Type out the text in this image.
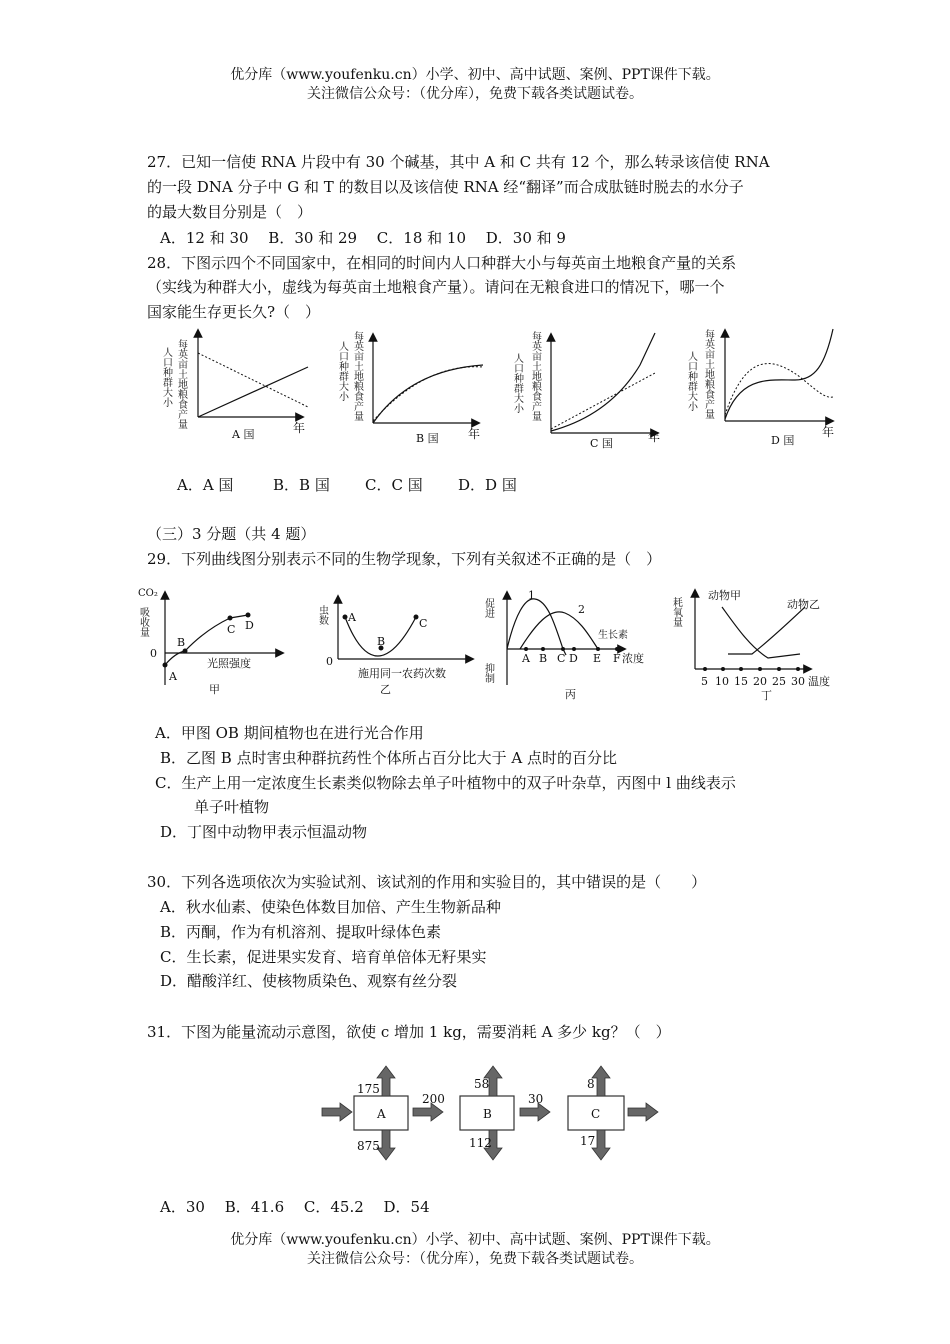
优分库（www.youfenku.cn）小学、初中、高中试题、案例、PPT课件下载。
关注微信公众号：（优分库），免费下载各类试题试卷。
27．已知一信使 RNA 片段中有 30 个碱基，其中 A 和 C 共有 12 个，那么转录该信使 RNA
的一段 DNA 分子中 G 和 T 的数目以及该信使 RNA 经“翻译”而合成肽链时脱去的水分子
的最大数目分别是（　）
A．12 和 30　 B．30 和 29　 C．18 和 10　 D．30 和 9
28．下图示四个不同国家中，在相同的时间内人口种群大小与每英亩土地粮食产量的关系
（实线为种群大小，虚线为每英亩土地粮食产量）。请问在无粮食进口的情况下，哪一个
国家能生存更长久?（　）
每英亩土地粮食产量
人口种群大小
年
A 国
每英亩土地粮食产量
人口种群大小
年
B 国
每英亩土地粮食产量
人口种群大小
年
C 国
每英亩土地粮食产量
人口种群大小
年
D 国
A．A 国	B．B 国 C．C 国 D．D 国
（三）3 分题（共 4 题）
29．下列曲线图分别表示不同的生物学现象，下列有关叙述不正确的是（　）
CO₂
吸收量
0
A
B
C D
光照强度
甲
虫数
0
A
B
C
施用同一农药次数
乙
促进
抑制
1
2
生长素
A B C D E F 浓度
丙
耗氧量
动物甲
动物乙
5 10 15 20 25 30 温度
丁
A．甲图 OB 期间植物也在进行光合作用
B．乙图 B 点时害虫种群抗药性个体所占百分比大于 A 点时的百分比
C．生产上用一定浓度生长素类似物除去单子叶植物中的双子叶杂草，丙图中 l 曲线表示
单子叶植物
D．丁图中动物甲表示恒温动物
30．下列各选项依次为实验试剂、该试剂的作用和实验目的，其中错误的是（　　）
A．秋水仙素、使染色体数目加倍、产生生物新品种
B．丙酮，作为有机溶剂、提取叶绿体色素
C．生长素，促进果实发育、培育单倍体无籽果实
D．醋酸洋红、使核物质染色、观察有丝分裂
31．下图为能量流动示意图，欲使 c 增加 1 kg，需要消耗 A 多少 kg？（　）
A
175
875
200
B
58
112
30
C
8
17
A．30　 B．41.6　 C．45.2　 D．54
优分库（www.youfenku.cn）小学、初中、高中试题、案例、PPT课件下载。
关注微信公众号：（优分库），免费下载各类试题试卷。
